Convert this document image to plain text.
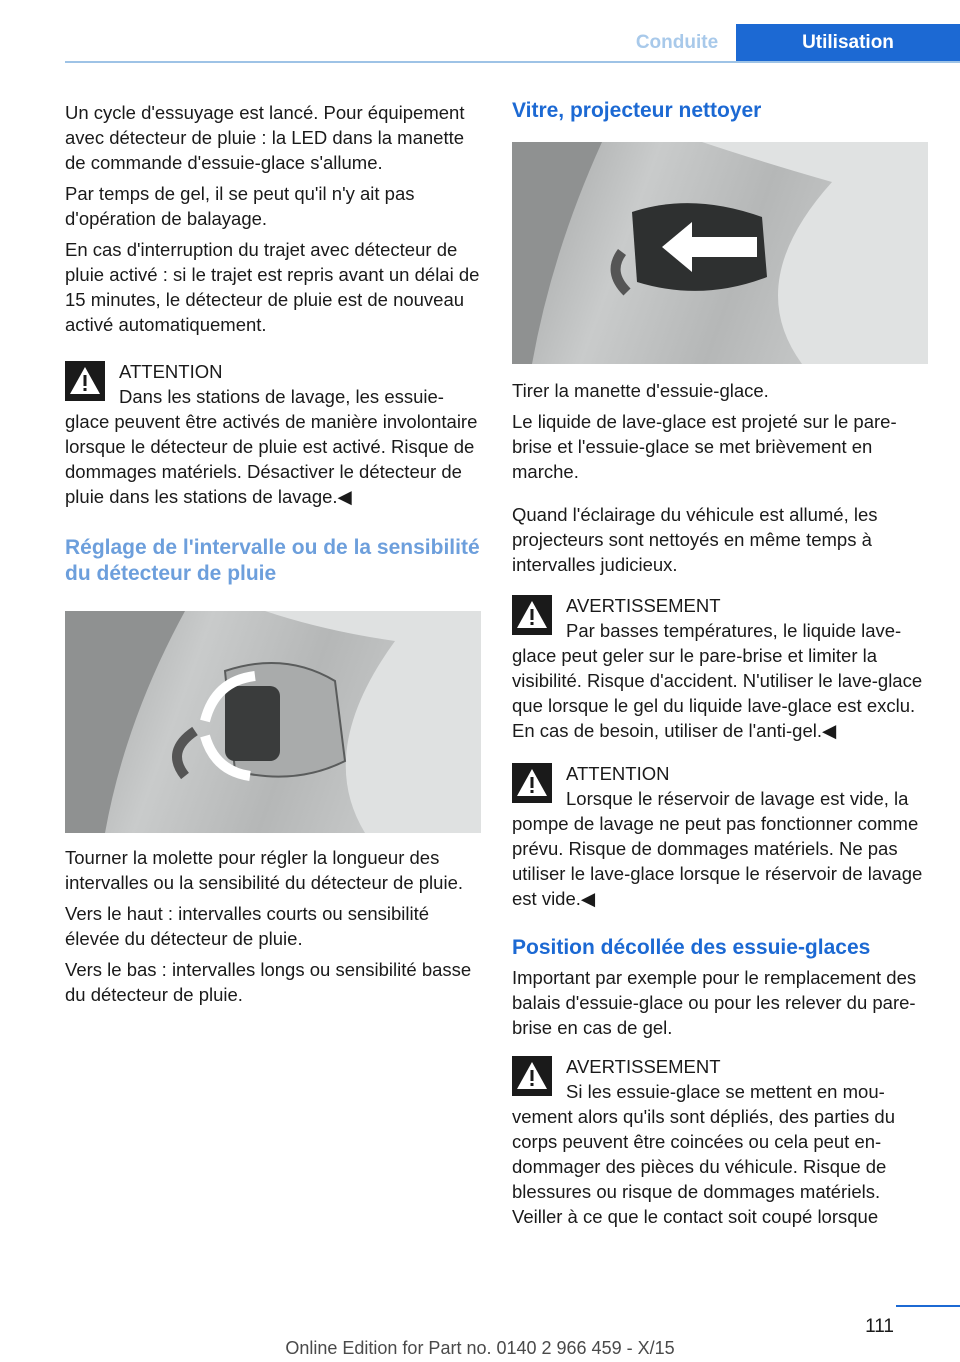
Conduite	Utilisation

Un cycle d'essuyage est lancé. Pour équipement avec détecteur de pluie : la LED dans la manette de commande d'essuie-glace s'allume.

Par temps de gel, il se peut qu'il n'y ait pas d'opération de balayage.

En cas d'interruption du trajet avec détecteur de pluie activé : si le trajet est repris avant un délai de 15 minutes, le détecteur de pluie est de nouveau activé automatiquement.

ATTENTION
Dans les stations de lavage, les essuie-glace peuvent être activés de manière involontaire lorsque le détecteur de pluie est activé. Risque de dommages matériels. Désactiver le détecteur de pluie dans les stations de lavage.◀
Réglage de l'intervalle ou de la sensibilité du détecteur de pluie

Tourner la molette pour régler la longueur des intervalles ou la sensibilité du détecteur de pluie.

Vers le haut : intervalles courts ou sensibilité élevée du détecteur de pluie.

Vers le bas : intervalles longs ou sensibilité basse du détecteur de pluie.

Vitre, projecteur nettoyer

Tirer la manette d'essuie-glace.

Le liquide de lave-glace est projeté sur le pare-brise et l'essuie-glace se met brièvement en marche.

Quand l'éclairage du véhicule est allumé, les projecteurs sont nettoyés en même temps à intervalles judicieux.

AVERTISSEMENT
Par basses températures, le liquide lave-glace peut geler sur le pare-brise et limiter la visibilité. Risque d'accident. N'utiliser le lave-glace que lorsque le gel du liquide lave-glace est exclu. En cas de besoin, utiliser de l'anti-gel.◀
ATTENTION
Lorsque le réservoir de lavage est vide, la pompe de lavage ne peut pas fonctionner comme prévu. Risque de dommages matériels. Ne pas utiliser le lave-glace lorsque le réservoir de lavage est vide.◀
Position décollée des essuie-glaces

Important par exemple pour le remplacement des balais d'essuie-glace ou pour les relever du pare-brise en cas de gel.

AVERTISSEMENT
Si les essuie-glace se mettent en mouvement alors qu'ils sont dépliés, des parties du corps peuvent être coincées ou cela peut endommager des pièces du véhicule. Risque de blessures ou risque de dommages matériels. Veiller à ce que le contact soit coupé lorsque
111
Online Edition for Part no. 0140 2 966 459 - X/15
